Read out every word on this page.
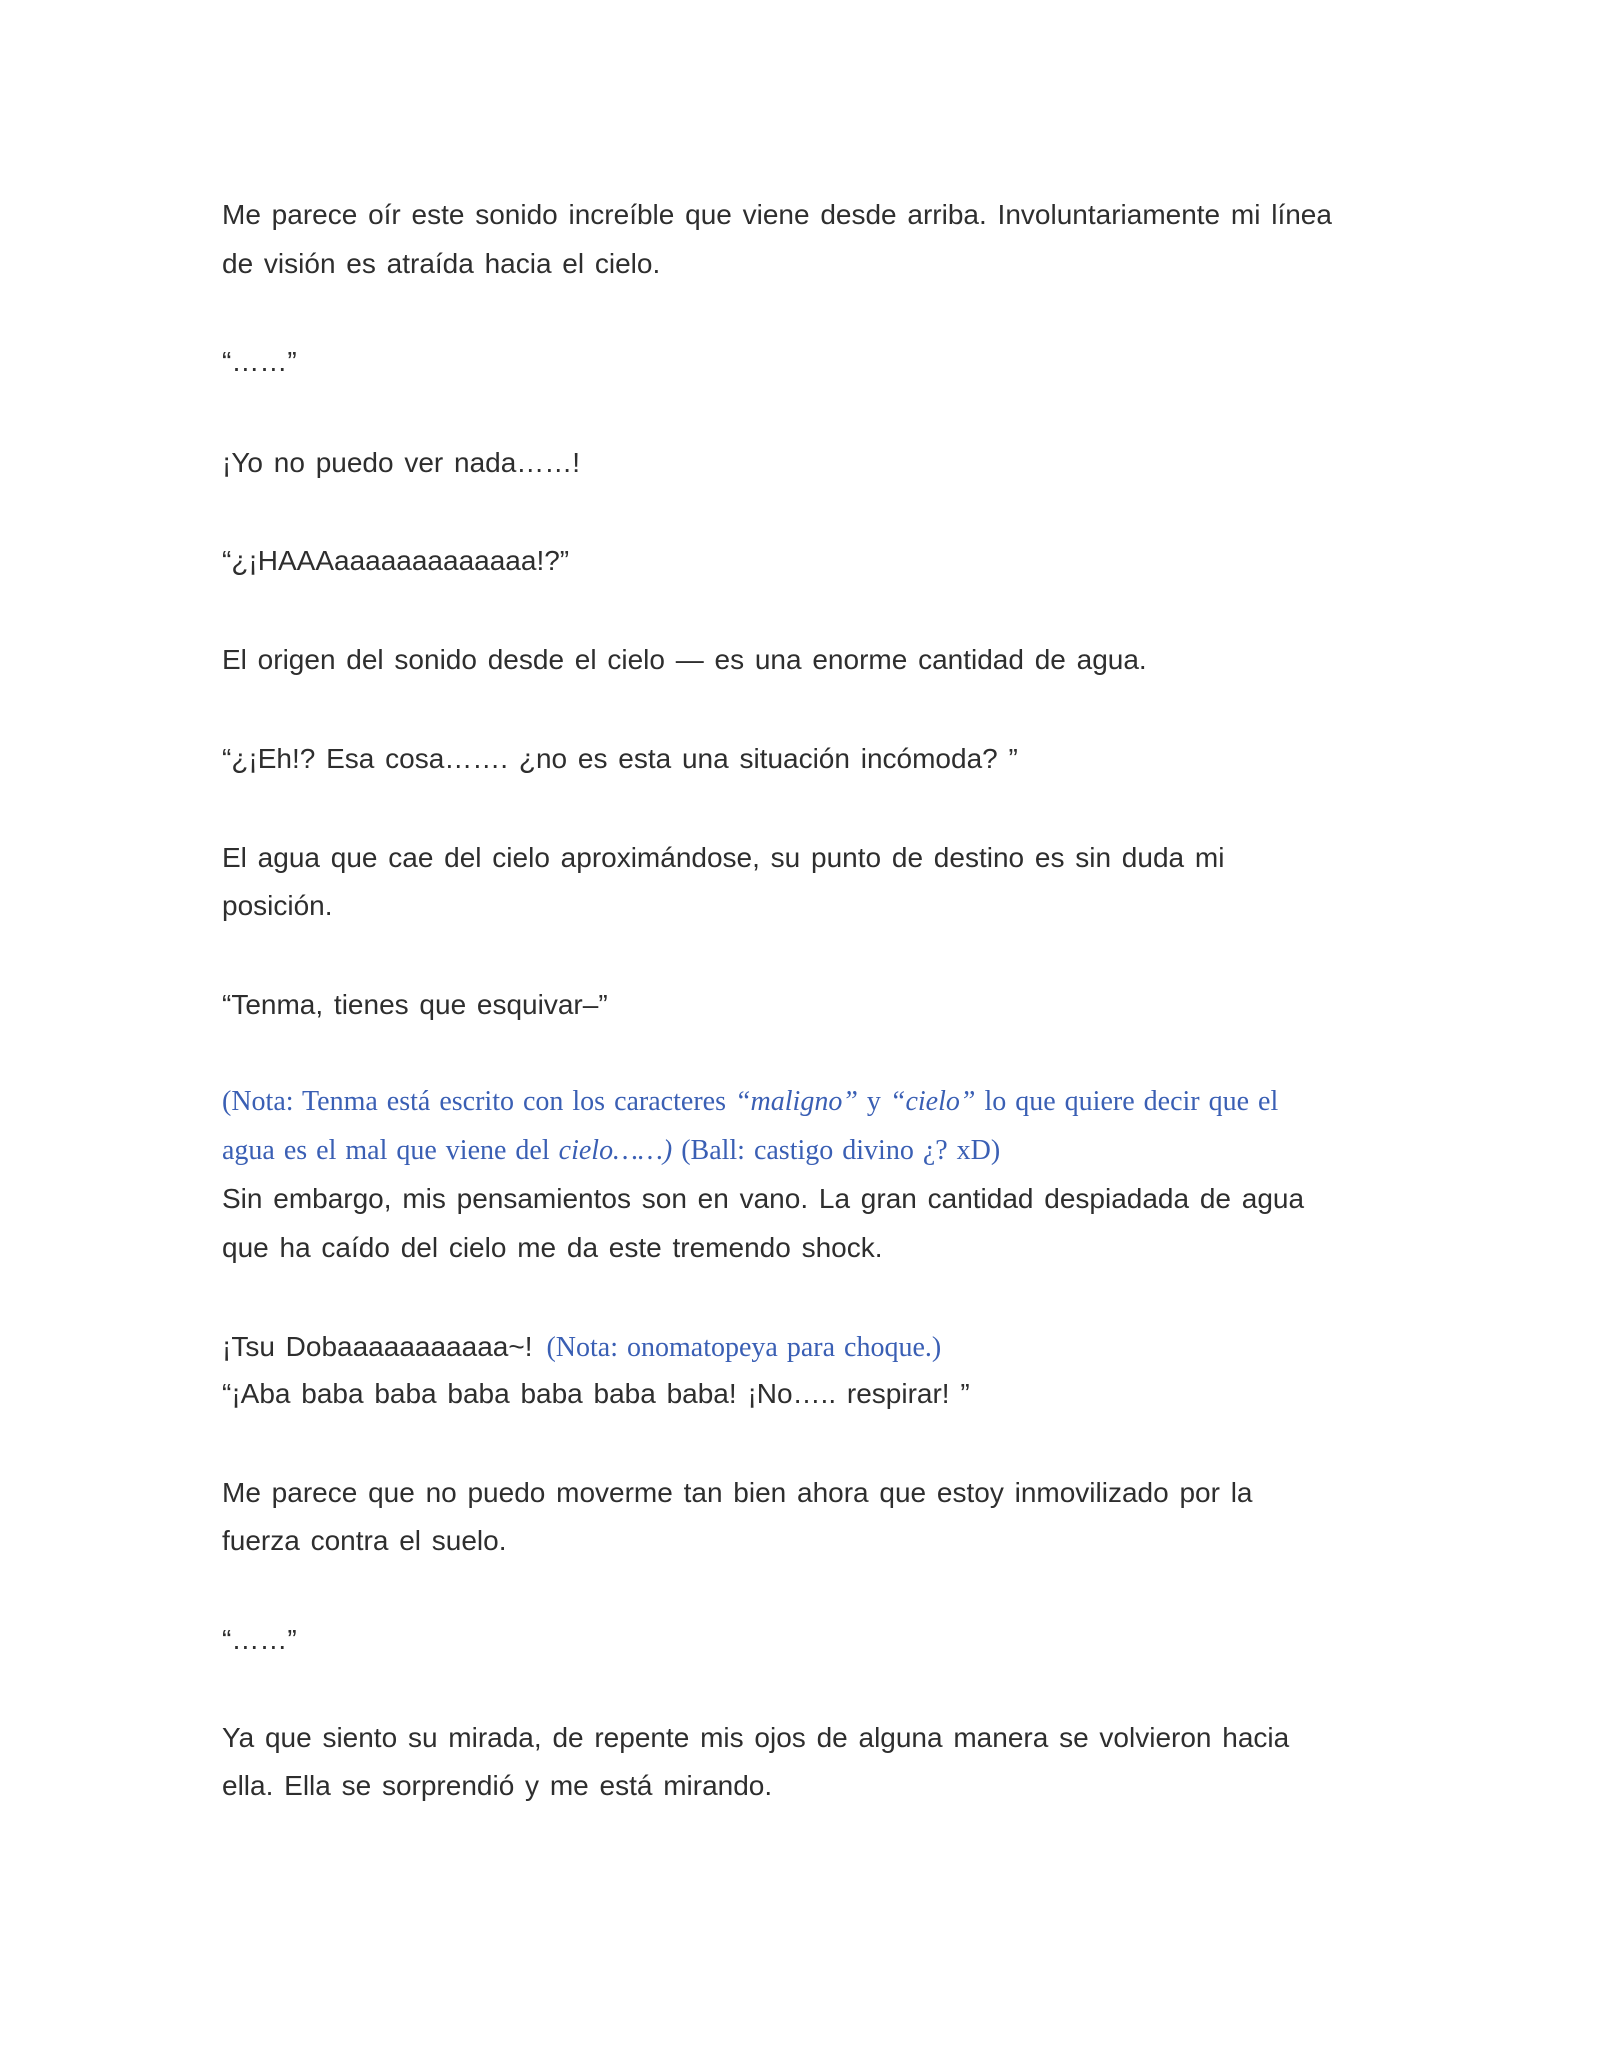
Me parece oír este sonido increíble que viene desde arriba. Involuntariamente mi línea

de visión es atraída hacia el cielo.

“……”

¡Yo no puedo ver nada……!

“¿¡HAAAaaaaaaaaaaaaa!?”

El origen del sonido desde el cielo — es una enorme cantidad de agua.

“¿¡Eh!? Esa cosa……. ¿no es esta una situación incómoda? ”

El agua que cae del cielo aproximándose, su punto de destino es sin duda mi

posición.

“Tenma, tienes que esquivar–”

(Nota: Tenma está escrito con los caracteres “maligno” y “cielo” lo que quiere decir que el

agua es el mal que viene del cielo……) (Ball: castigo divino ¿? xD)

Sin embargo, mis pensamientos son en vano. La gran cantidad despiadada de agua

que ha caído del cielo me da este tremendo shock.

¡Tsu Dobaaaaaaaaaaa~! (Nota: onomatopeya para choque.)

“¡Aba baba baba baba baba baba baba! ¡No….. respirar! ”

Me parece que no puedo moverme tan bien ahora que estoy inmovilizado por la

fuerza contra el suelo.

“……”

Ya que siento su mirada, de repente mis ojos de alguna manera se volvieron hacia

ella. Ella se sorprendió y me está mirando.
